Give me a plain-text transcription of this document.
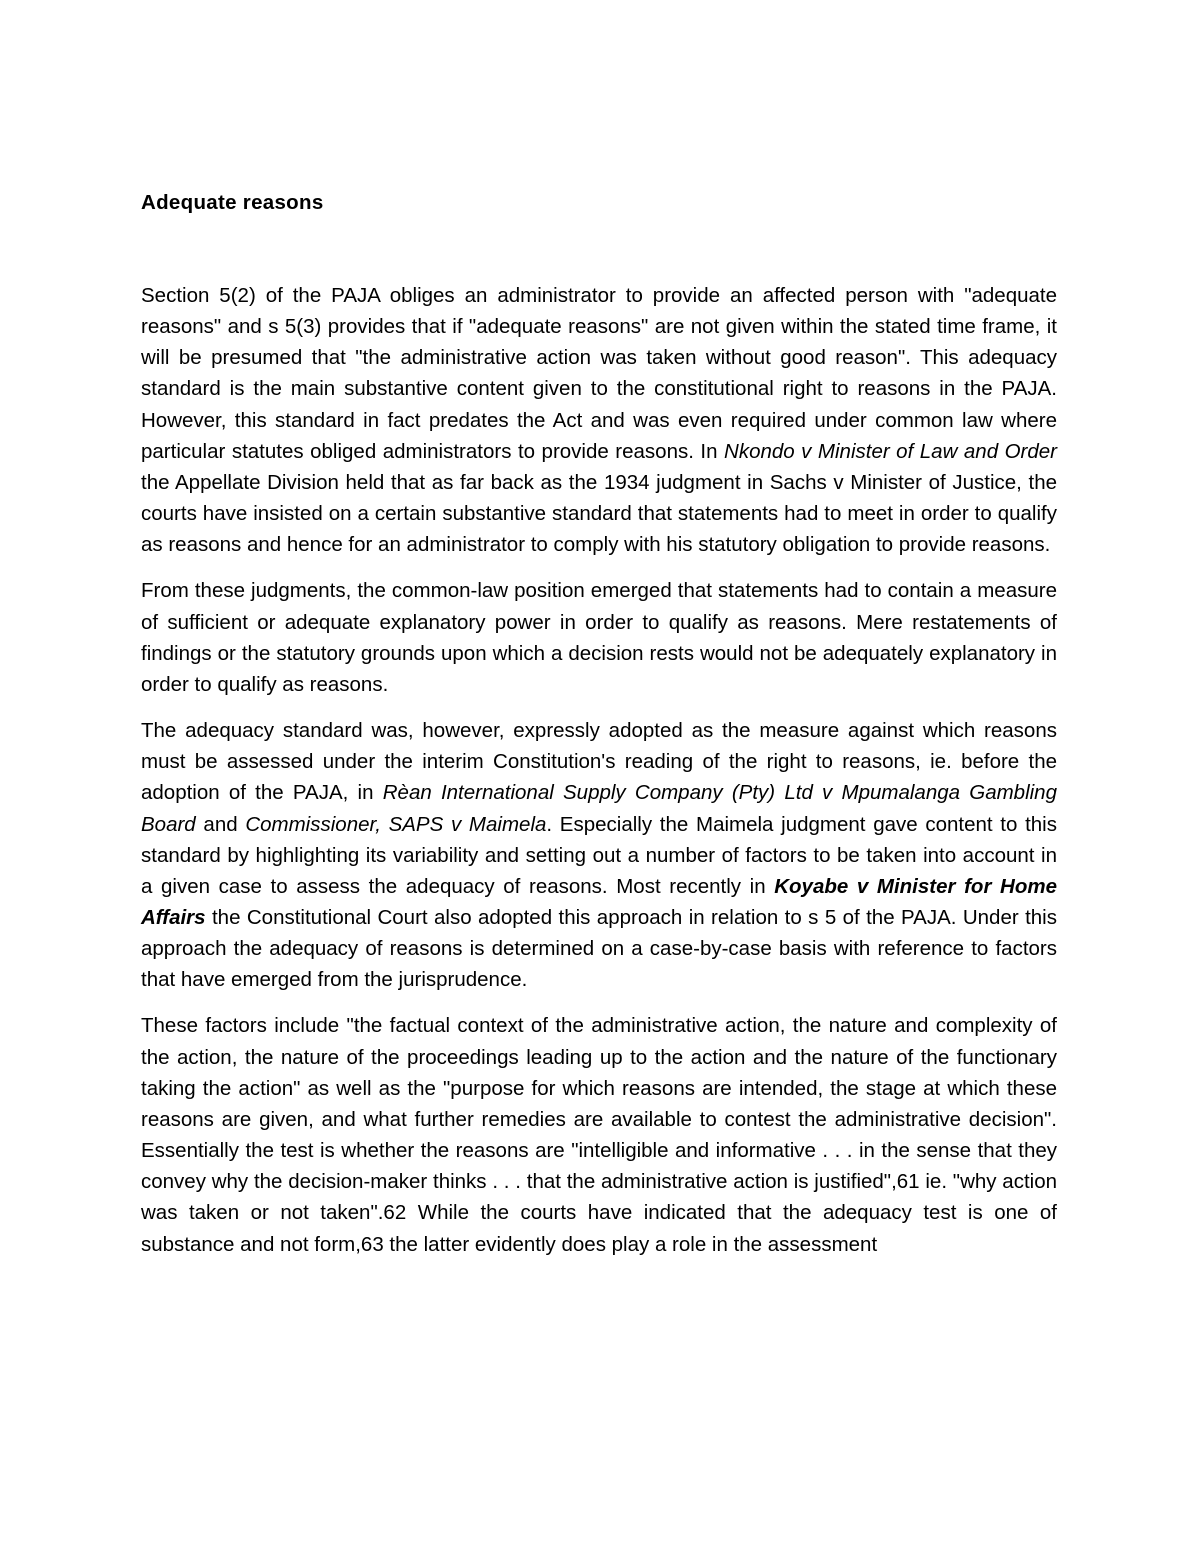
Adequate reasons

Section 5(2) of the PAJA obliges an administrator to provide an affected person with "adequate reasons" and s 5(3) provides that if "adequate reasons" are not given within the stated time frame, it will be presumed that "the administrative action was taken without good reason". This adequacy standard is the main substantive content given to the constitutional right to reasons in the PAJA. However, this standard in fact predates the Act and was even required under common law where particular statutes obliged administrators to provide reasons. In Nkondo v Minister of Law and Order the Appellate Division held that as far back as the 1934 judgment in Sachs v Minister of Justice, the courts have insisted on a certain substantive standard that statements had to meet in order to qualify as reasons and hence for an administrator to comply with his statutory obligation to provide reasons.

From these judgments, the common-law position emerged that statements had to contain a measure of sufficient or adequate explanatory power in order to qualify as reasons. Mere restatements of findings or the statutory grounds upon which a decision rests would not be adequately explanatory in order to qualify as reasons.

The adequacy standard was, however, expressly adopted as the measure against which reasons must be assessed under the interim Constitution's reading of the right to reasons, ie. before the adoption of the PAJA, in Rèan International Supply Company (Pty) Ltd v Mpumalanga Gambling Board and Commissioner, SAPS v Maimela. Especially the Maimela judgment gave content to this standard by highlighting its variability and setting out a number of factors to be taken into account in a given case to assess the adequacy of reasons. Most recently in Koyabe v Minister for Home Affairs the Constitutional Court also adopted this approach in relation to s 5 of the PAJA. Under this approach the adequacy of reasons is determined on a case-by-case basis with reference to factors that have emerged from the jurisprudence.

These factors include "the factual context of the administrative action, the nature and complexity of the action, the nature of the proceedings leading up to the action and the nature of the functionary taking the action" as well as the "purpose for which reasons are intended, the stage at which these reasons are given, and what further remedies are available to contest the administrative decision". Essentially the test is whether the reasons are "intelligible and informative . . . in the sense that they convey why the decision-maker thinks . . . that the administrative action is justified",61 ie. "why action was taken or not taken".62 While the courts have indicated that the adequacy test is one of substance and not form,63 the latter evidently does play a role in the assessment
